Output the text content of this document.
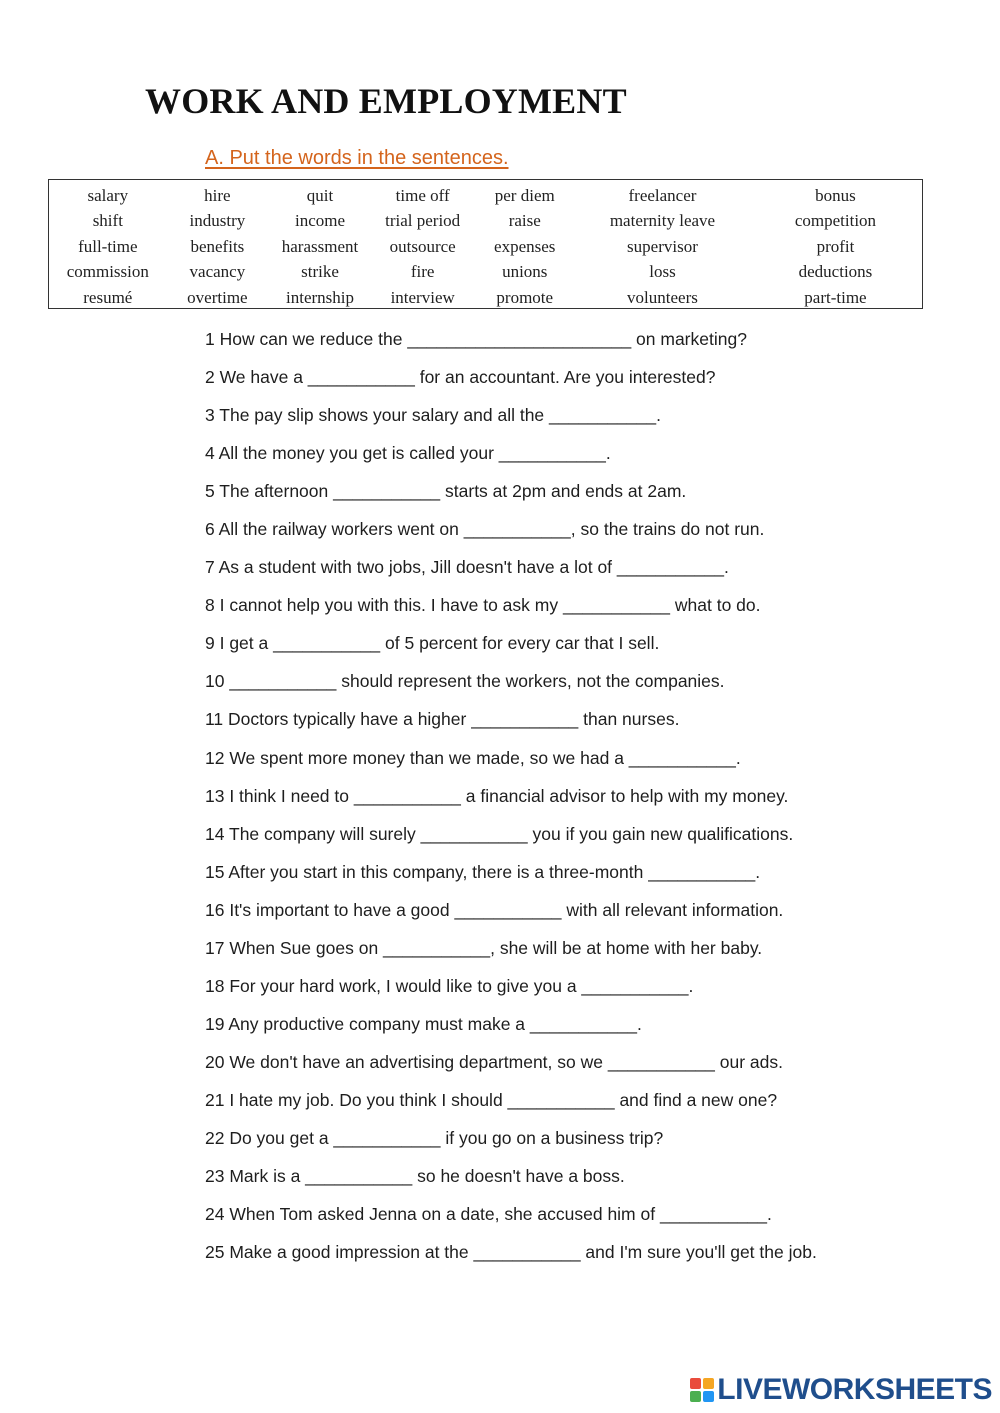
WORK AND EMPLOYMENT
A. Put the words in the sentences.
salary	hire	quit	time off	per diem	freelancer	bonus
shift	industry	income	trial period	raise	maternity leave	competition
full-time	benefits	harassment	outsource	expenses	supervisor	profit
commission	vacancy	strike	fire	unions	loss	deductions
resumé	overtime	internship	interview	promote	volunteers	part-time
1 How can we reduce the _______________________ on marketing?
2 We have a ___________ for an accountant. Are you interested?
3 The pay slip shows your salary and all the ___________.
4 All the money you get is called your ___________.
5 The afternoon ___________ starts at 2pm and ends at 2am.
6 All the railway workers went on ___________, so the trains do not run.
7 As a student with two jobs, Jill doesn't have a lot of ___________.
8 I cannot help you with this. I have to ask my ___________ what to do.
9 I get a ___________ of 5 percent for every car that I sell.
10 ___________ should represent the workers, not the companies.
11 Doctors typically have a higher ___________ than nurses.
12 We spent more money than we made, so we had a ___________.
13 I think I need to ___________ a financial advisor to help with my money.
14 The company will surely ___________ you if you gain new qualifications.
15 After you start in this company, there is a three-month ___________.
16 It's important to have a good ___________ with all relevant information.
17 When Sue goes on ___________, she will be at home with her baby.
18 For your hard work, I would like to give you a ___________.
19 Any productive company must make a ___________.
20 We don't have an advertising department, so we ___________ our ads.
21 I hate my job. Do you think I should ___________ and find a new one?
22 Do you get a ___________ if you go on a business trip?
23 Mark is a ___________ so he doesn't have a boss.
24 When Tom asked Jenna on a date, she accused him of ___________.
25 Make a good impression at the ___________ and I'm sure you'll get the job.
LIVEWORKSHEETS
